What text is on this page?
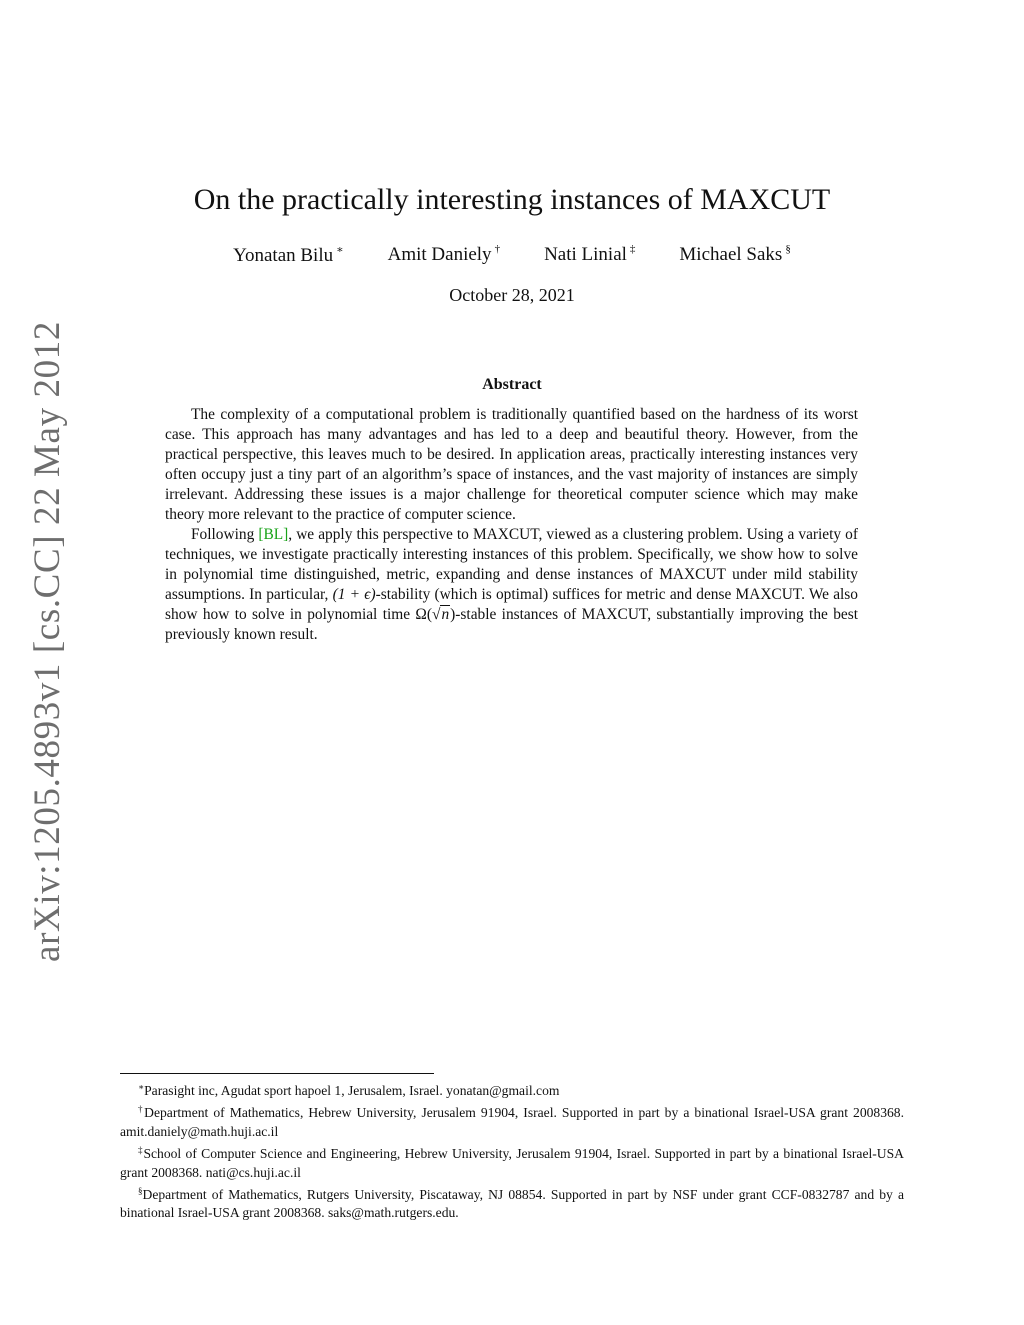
arXiv:1205.4893v1 [cs.CC] 22 May 2012
On the practically interesting instances of MAXCUT
Yonatan Bilu ∗ Amit Daniely † Nati Linial ‡ Michael Saks §
October 28, 2021
Abstract

The complexity of a computational problem is traditionally quantified based on the hardness of its worst case. This approach has many advantages and has led to a deep and beautiful theory. However, from the practical perspective, this leaves much to be desired. In application areas, practically interesting instances very often occupy just a tiny part of an algorithm’s space of instances, and the vast majority of instances are simply irrelevant. Addressing these issues is a major challenge for theoretical computer science which may make theory more relevant to the practice of computer science.

Following [BL], we apply this perspective to MAXCUT, viewed as a clustering problem. Using a variety of techniques, we investigate practically interesting instances of this problem. Specifically, we show how to solve in polynomial time distinguished, metric, expanding and dense instances of MAXCUT under mild stability assumptions. In particular, (1 + ϵ)-stability (which is optimal) suffices for metric and dense MAXCUT. We also show how to solve in polynomial time Ω(√n)-stable instances of MAXCUT, substantially improving the best previously known result.

∗Parasight inc, Agudat sport hapoel 1, Jerusalem, Israel. yonatan@gmail.com

†Department of Mathematics, Hebrew University, Jerusalem 91904, Israel. Supported in part by a binational Israel-USA grant 2008368. amit.daniely@math.huji.ac.il

‡School of Computer Science and Engineering, Hebrew University, Jerusalem 91904, Israel. Supported in part by a binational Israel-USA grant 2008368. nati@cs.huji.ac.il

§Department of Mathematics, Rutgers University, Piscataway, NJ 08854. Supported in part by NSF under grant CCF-0832787 and by a binational Israel-USA grant 2008368. saks@math.rutgers.edu.
